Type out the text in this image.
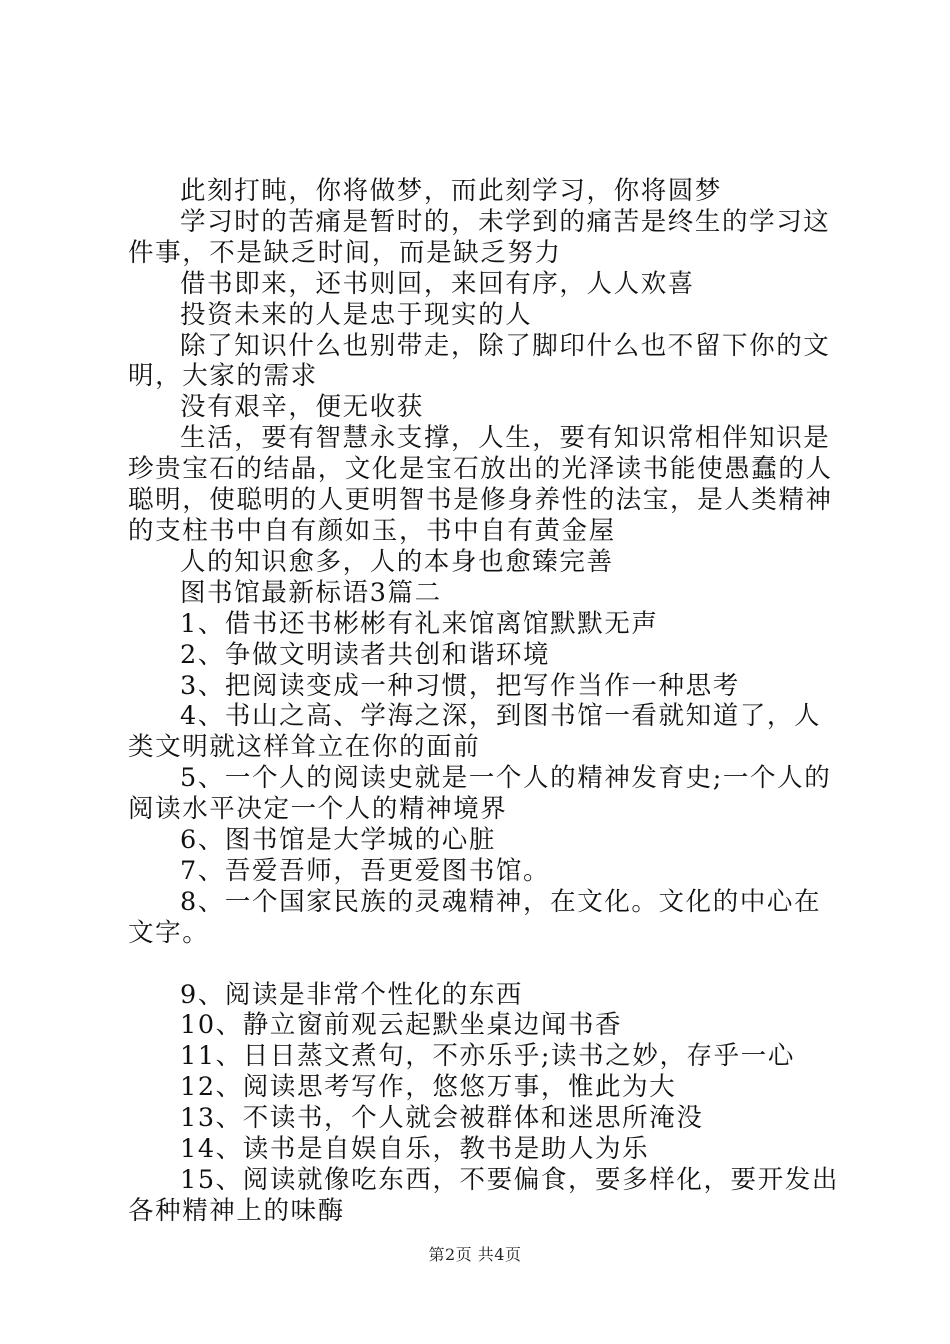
此刻打盹，你将做梦，而此刻学习，你将圆梦

学习时的苦痛是暂时的，未学到的痛苦是终生的学习这件事，不是缺乏时间，而是缺乏努力

借书即来，还书则回，来回有序，人人欢喜

投资未来的人是忠于现实的人

除了知识什么也别带走，除了脚印什么也不留下你的文明，大家的需求

没有艰辛，便无收获

生活，要有智慧永支撑，人生，要有知识常相伴知识是珍贵宝石的结晶，文化是宝石放出的光泽读书能使愚蠢的人聪明，使聪明的人更明智书是修身养性的法宝，是人类精神的支柱书中自有颜如玉，书中自有黄金屋

人的知识愈多，人的本身也愈臻完善

图书馆最新标语3篇二

1、借书还书彬彬有礼来馆离馆默默无声

2、争做文明读者共创和谐环境

3、把阅读变成一种习惯，把写作当作一种思考

4、书山之高、学海之深，到图书馆一看就知道了，人类文明就这样耸立在你的面前

5、一个人的阅读史就是一个人的精神发育史;一个人的阅读水平决定一个人的精神境界

6、图书馆是大学城的心脏

7、吾爱吾师，吾更爱图书馆。

8、一个国家民族的灵魂精神，在文化。文化的中心在文字。

9、阅读是非常个性化的东西

10、静立窗前观云起默坐桌边闻书香

11、日日蒸文煮句，不亦乐乎;读书之妙，存乎一心

12、阅读思考写作，悠悠万事，惟此为大

13、不读书，个人就会被群体和迷思所淹没

14、读书是自娱自乐，教书是助人为乐

15、阅读就像吃东西，不要偏食，要多样化，要开发出各种精神上的味酶

第2页 共4页
